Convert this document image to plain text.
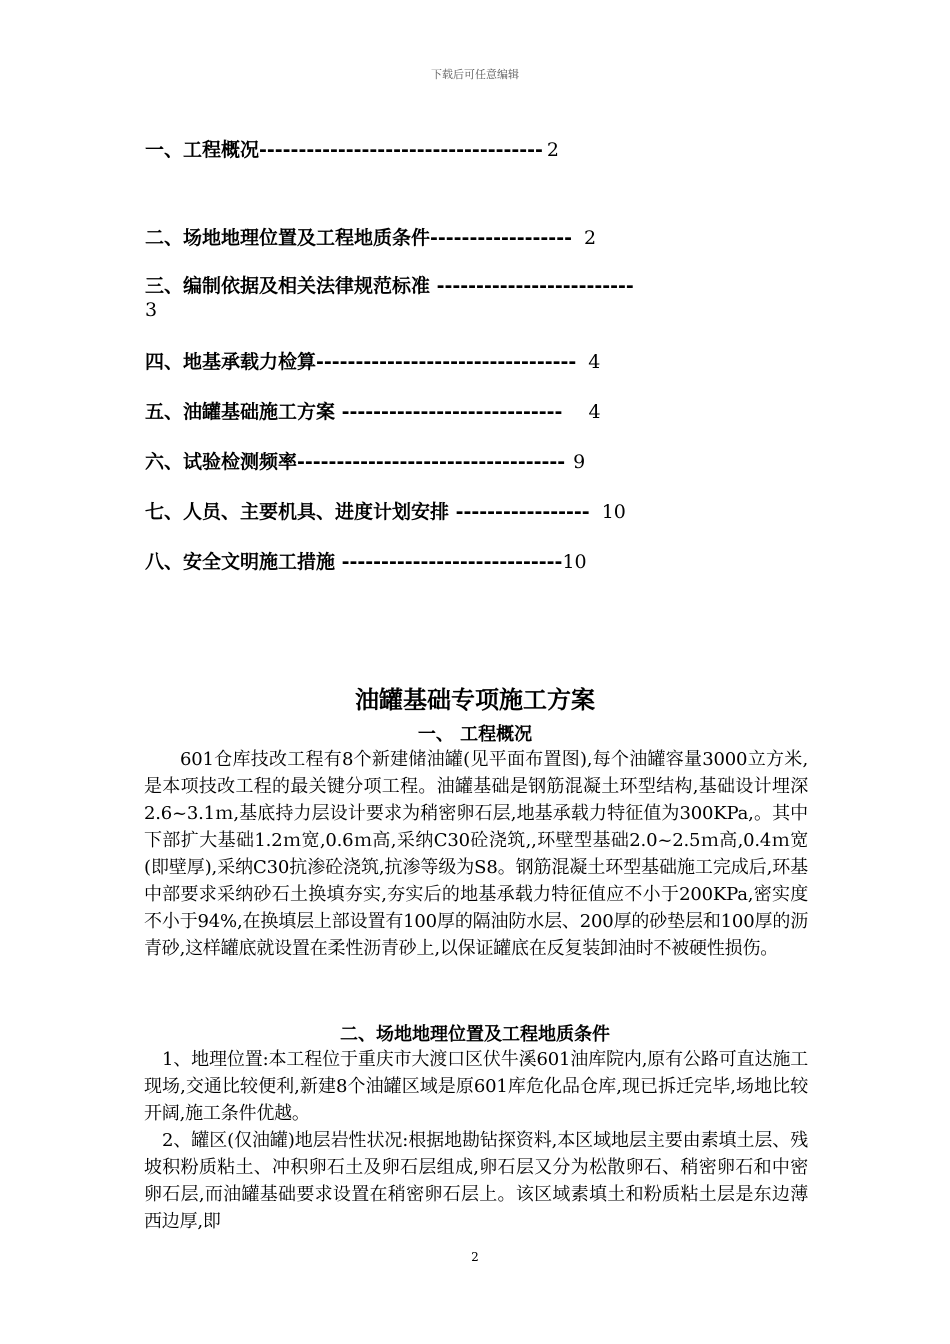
下载后可任意编辑
一、工程概况------------------------------------ 2
二、场地地理位置及工程地质条件------------------ 2
三、编制依据及相关法律规范标准 -------------------------
3
四、地基承载力检算--------------------------------- 4
五、油罐基础施工方案 ---------------------------- 4
六、试验检测频率---------------------------------- 9
七、人员、主要机具、进度计划安排 ----------------- 10
八、安全文明施工措施 ----------------------------10
油罐基础专项施工方案
一、 工程概况
601仓库技改工程有8个新建储油罐(见平面布置图),每个油罐容量3000立方米,是本项技改工程的最关键分项工程。油罐基础是钢筋混凝土环型结构,基础设计埋深2.6~3.1ｍ,基底持力层设计要求为稍密卵石层,地基承载力特征值为300KPa,。其中下部扩大基础1.2ｍ宽,0.6ｍ高,采纳C30砼浇筑,,环壁型基础2.0~2.5ｍ高,0.4ｍ宽(即壁厚),采纳C30抗渗砼浇筑,抗渗等级为S8。钢筋混凝土环型基础施工完成后,环基中部要求采纳砂石土换填夯实,夯实后的地基承载力特征值应不小于200KPa,密实度不小于94%,在换填层上部设置有100厚的隔油防水层、200厚的砂垫层和100厚的沥青砂,这样罐底就设置在柔性沥青砂上,以保证罐底在反复装卸油时不被硬性损伤。
二、场地地理位置及工程地质条件
1、地理位置:本工程位于重庆市大渡口区伏牛溪601油库院内,原有公路可直达施工现场,交通比较便利,新建8个油罐区域是原601库危化品仓库,现已拆迁完毕,场地比较开阔,施工条件优越。
2、罐区(仅油罐)地层岩性状况:根据地勘钻探资料,本区域地层主要由素填土层、残坡积粉质粘土、冲积卵石土及卵石层组成,卵石层又分为松散卵石、稍密卵石和中密卵石层,而油罐基础要求设置在稍密卵石层上。该区域素填土和粉质粘土层是东边薄西边厚,即
2
